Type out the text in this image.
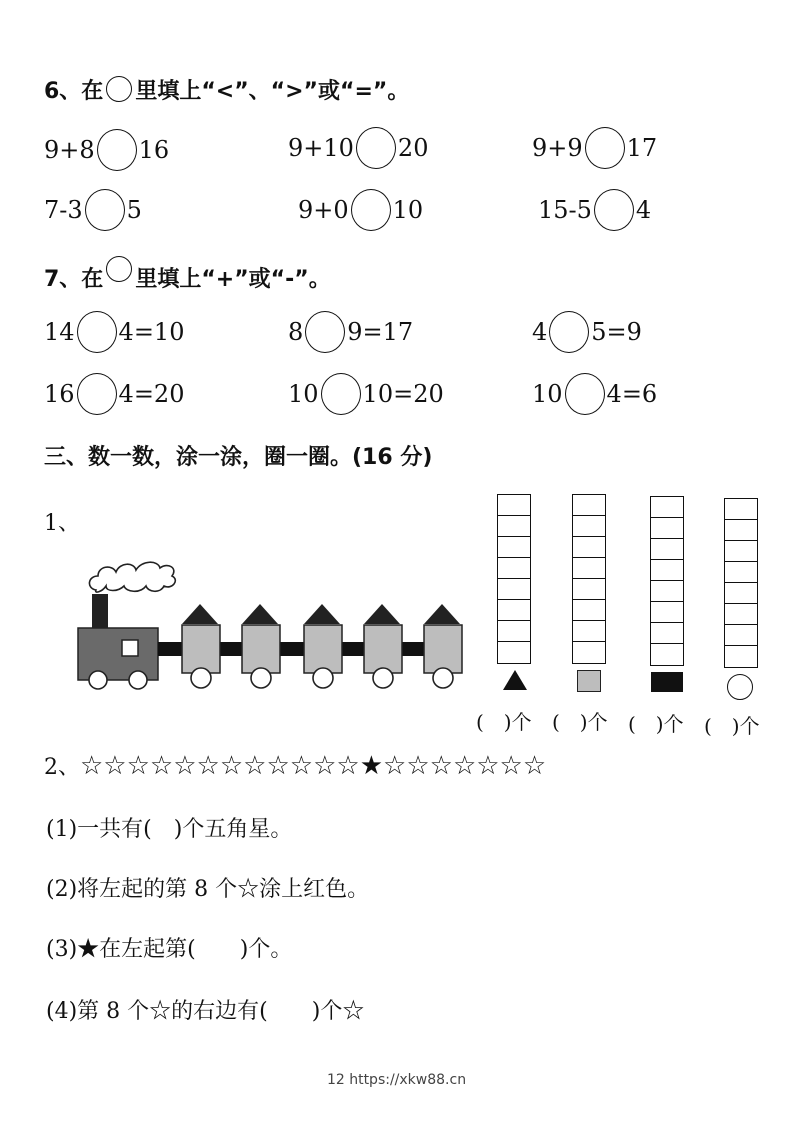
6、在 里填上“<”、“>”或“=”。
9+8 16	9+10 20	9+9 17
7-3 5	9+0 10	15-5 4
7、在 里填上“+”或“-”。
14 4=10	8 9=17	4 5=9
16 4=20	10 10=20	10 4=6
三、数一数，涂一涂，圈一圈。(16 分)
1、
(　)个 (　)个 (　)个 (　)个
2、☆☆☆☆☆☆☆☆☆☆☆☆★☆☆☆☆☆☆☆
(1)一共有(　)个五角星。
(2)将左起的第 8 个☆涂上红色。
(3)★在左起第(　　)个。
(4)第 8 个☆的右边有(　　)个☆
12 https://xkw88.cn
